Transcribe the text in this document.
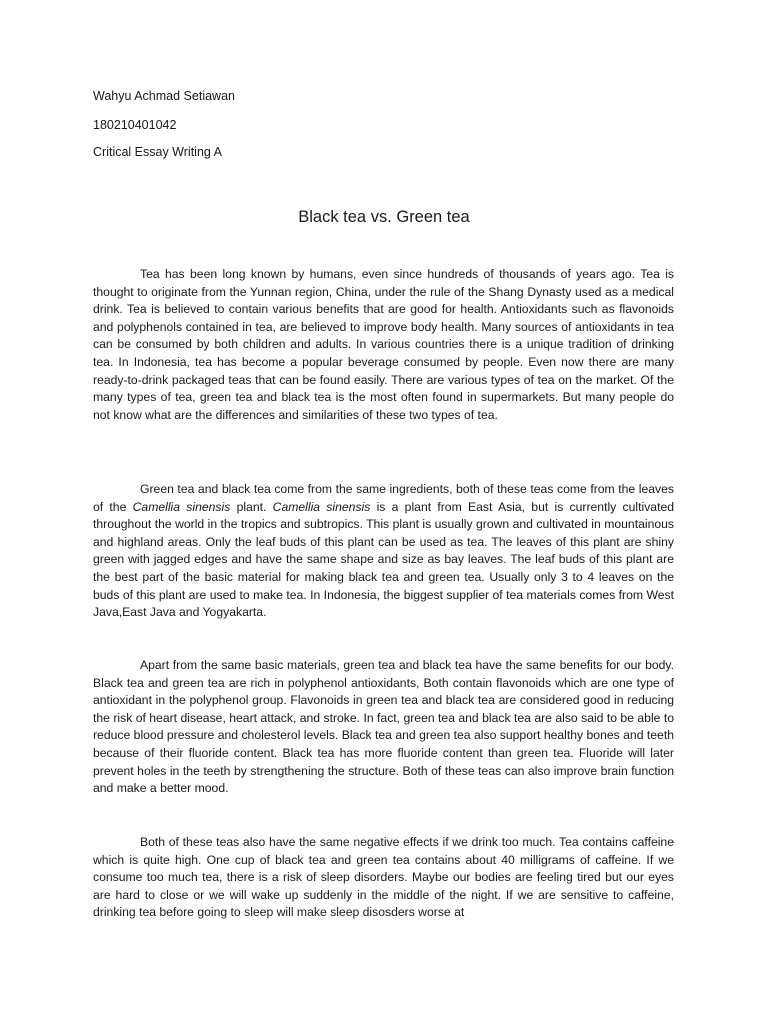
Wahyu Achmad Setiawan
180210401042
Critical Essay Writing A
Black tea vs. Green tea

Tea has been long known by humans, even since hundreds of thousands of years ago. Tea is thought to originate from the Yunnan region, China, under the rule of the Shang Dynasty used as a medical drink. Tea is believed to contain various benefits that are good for health. Antioxidants such as flavonoids and polyphenols contained in tea, are believed to improve body health. Many sources of antioxidants in tea can be consumed by both children and adults. In various countries there is a unique tradition of drinking tea. In Indonesia, tea has become a popular beverage consumed by people. Even now there are many ready-to-drink packaged teas that can be found easily. There are various types of tea on the market. Of the many types of tea, green tea and black tea is the most often found in supermarkets. But many people do not know what are the differences and similarities of these two types of tea.

Green tea and black tea come from the same ingredients, both of these teas come from the leaves of the Camellia sinensis plant. Camellia sinensis is a plant from East Asia, but is currently cultivated throughout the world in the tropics and subtropics. This plant is usually grown and cultivated in mountainous and highland areas. Only the leaf buds of this plant can be used as tea. The leaves of this plant are shiny green with jagged edges and have the same shape and size as bay leaves. The leaf buds of this plant are the best part of the basic material for making black tea and green tea. Usually only 3 to 4 leaves on the buds of this plant are used to make tea. In Indonesia, the biggest supplier of tea materials comes from West Java,East Java and Yogyakarta.

Apart from the same basic materials, green tea and black tea have the same benefits for our body. Black tea and green tea are rich in polyphenol antioxidants, Both contain flavonoids which are one type of antioxidant in the polyphenol group. Flavonoids in green tea and black tea are considered good in reducing the risk of heart disease, heart attack, and stroke. In fact, green tea and black tea are also said to be able to reduce blood pressure and cholesterol levels. Black tea and green tea also support healthy bones and teeth because of their fluoride content. Black tea has more fluoride content than green tea. Fluoride will later prevent holes in the teeth by strengthening the structure. Both of these teas can also improve brain function and make a better mood.

Both of these teas also have the same negative effects if we drink too much. Tea contains caffeine which is quite high. One cup of black tea and green tea contains about 40 milligrams of caffeine. If we consume too much tea, there is a risk of sleep disorders. Maybe our bodies are feeling tired but our eyes are hard to close or we will wake up suddenly in the middle of the night. If we are sensitive to caffeine, drinking tea before going to sleep will make sleep disosders worse at
